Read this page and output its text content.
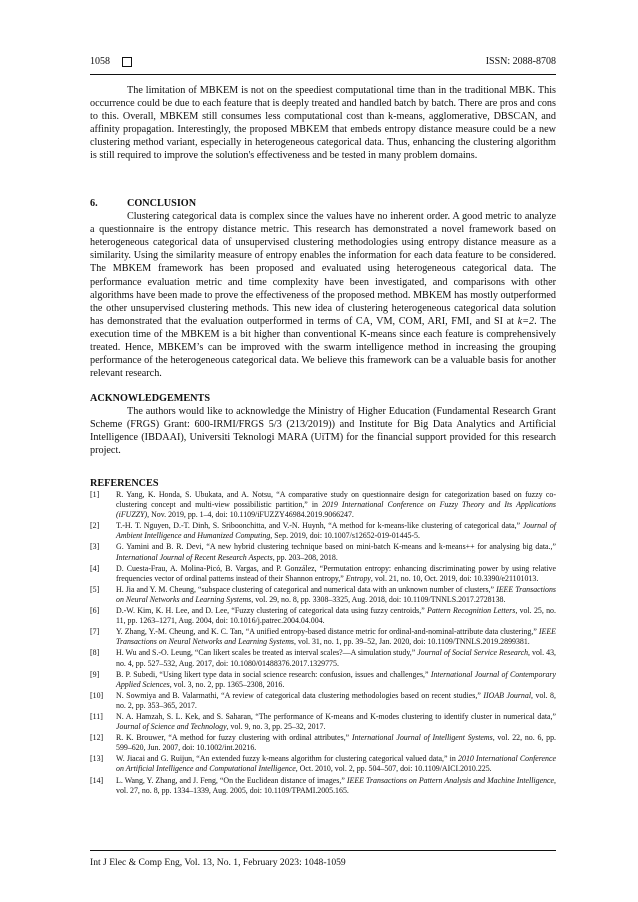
1058	ISSN: 2088-8708

The limitation of MBKEM is not on the speediest computational time than in the traditional MBK. This occurrence could be due to each feature that is deeply treated and handled batch by batch. There are pros and cons to this. Overall, MBKEM still consumes less computational cost than k-means, agglomerative, DBSCAN, and affinity propagation. Interestingly, the proposed MBKEM that embeds entropy distance measure could be a new clustering method variant, especially in heterogeneous categorical data. Thus, enhancing the clustering algorithm is still required to improve the solution's effectiveness and be tested in many problem domains.

6.	CONCLUSION

Clustering categorical data is complex since the values have no inherent order. A good metric to analyze a questionnaire is the entropy distance metric. This research has demonstrated a novel framework based on heterogeneous categorical data of unsupervised clustering methodologies using entropy distance measure as a similarity. Using the similarity measure of entropy enables the information for each data feature to be considered. The MBKEM framework has been proposed and evaluated using heterogeneous categorical data. The performance evaluation metric and time complexity have been investigated, and comparisons with other algorithms have been made to prove the effectiveness of the proposed method. MBKEM has mostly outperformed the other unsupervised clustering methods. This new idea of clustering heterogeneous categorical data solution has demonstrated that the evaluation outperformed in terms of CA, VM, COM, ARI, FMI, and SI at k=2. The execution time of the MBKEM is a bit higher than conventional K-means since each feature is comprehensively treated. Hence, MBKEM’s can be improved with the swarm intelligence method in increasing the grouping performance of the heterogeneous categorical data. We believe this framework can be a valuable basis for another relevant research.

ACKNOWLEDGEMENTS

The authors would like to acknowledge the Ministry of Higher Education (Fundamental Research Grant Scheme (FRGS) Grant: 600-IRMI/FRGS 5/3 (213/2019)) and Institute for Big Data Analytics and Artificial Intelligence (IBDAAI), Universiti Teknologi MARA (UiTM) for the financial support provided for this research project.

REFERENCES

[1] R. Yang, K. Honda, S. Ubukata, and A. Notsu, “A comparative study on questionnaire design for categorization based on fuzzy co-clustering concept and multi-view possibilistic partition,” in 2019 International Conference on Fuzzy Theory and Its Applications (iFUZZY), Nov. 2019, pp. 1–4, doi: 10.1109/iFUZZY46984.2019.9066247.
[2] T.-H. T. Nguyen, D.-T. Dinh, S. Sriboonchitta, and V.-N. Huynh, “A method for k-means-like clustering of categorical data,” Journal of Ambient Intelligence and Humanized Computing, Sep. 2019, doi: 10.1007/s12652-019-01445-5.
[3] G. Yamini and B. R. Devi, “A new hybrid clustering technique based on mini-batch K-means and k-means++ for analysing big data.,” International Journal of Recent Research Aspects, pp. 203–208, 2018.
[4] D. Cuesta-Frau, A. Molina-Picó, B. Vargas, and P. González, “Permutation entropy: enhancing discriminating power by using relative frequencies vector of ordinal patterns instead of their Shannon entropy,” Entropy, vol. 21, no. 10, Oct. 2019, doi: 10.3390/e21101013.
[5] H. Jia and Y. M. Cheung, “subspace clustering of categorical and numerical data with an unknown number of clusters,” IEEE Transactions on Neural Networks and Learning Systems, vol. 29, no. 8, pp. 3308–3325, Aug. 2018, doi: 10.1109/TNNLS.2017.2728138.
[6] D.-W. Kim, K. H. Lee, and D. Lee, “Fuzzy clustering of categorical data using fuzzy centroids,” Pattern Recognition Letters, vol. 25, no. 11, pp. 1263–1271, Aug. 2004, doi: 10.1016/j.patrec.2004.04.004.
[7] Y. Zhang, Y.-M. Cheung, and K. C. Tan, “A unified entropy-based distance metric for ordinal-and-nominal-attribute data clustering,” IEEE Transactions on Neural Networks and Learning Systems, vol. 31, no. 1, pp. 39–52, Jan. 2020, doi: 10.1109/TNNLS.2019.2899381.
[8] H. Wu and S.-O. Leung, “Can likert scales be treated as interval scales?—A simulation study,” Journal of Social Service Research, vol. 43, no. 4, pp. 527–532, Aug. 2017, doi: 10.1080/01488376.2017.1329775.
[9] B. P. Subedi, “Using likert type data in social science research: confusion, issues and challenges,” International Journal of Contemporary Applied Sciences, vol. 3, no. 2, pp. 1365–2308, 2016.
[10] N. Sowmiya and B. Valarmathi, “A review of categorical data clustering methodologies based on recent studies,” IIOAB Journal, vol. 8, no. 2, pp. 353–365, 2017.
[11] N. A. Hamzah, S. L. Kek, and S. Saharan, “The performance of K-means and K-modes clustering to identify cluster in numerical data,” Journal of Science and Technology, vol. 9, no. 3, pp. 25–32, 2017.
[12] R. K. Brouwer, “A method for fuzzy clustering with ordinal attributes,” International Journal of Intelligent Systems, vol. 22, no. 6, pp. 599–620, Jun. 2007, doi: 10.1002/int.20216.
[13] W. Jiacai and G. Ruijun, “An extended fuzzy k-means algorithm for clustering categorical valued data,” in 2010 International Conference on Artificial Intelligence and Computational Intelligence, Oct. 2010, vol. 2, pp. 504–507, doi: 10.1109/AICI.2010.225.
[14] L. Wang, Y. Zhang, and J. Feng, “On the Euclidean distance of images,” IEEE Transactions on Pattern Analysis and Machine Intelligence, vol. 27, no. 8, pp. 1334–1339, Aug. 2005, doi: 10.1109/TPAMI.2005.165.
Int J Elec & Comp Eng, Vol. 13, No. 1, February 2023: 1048-1059
